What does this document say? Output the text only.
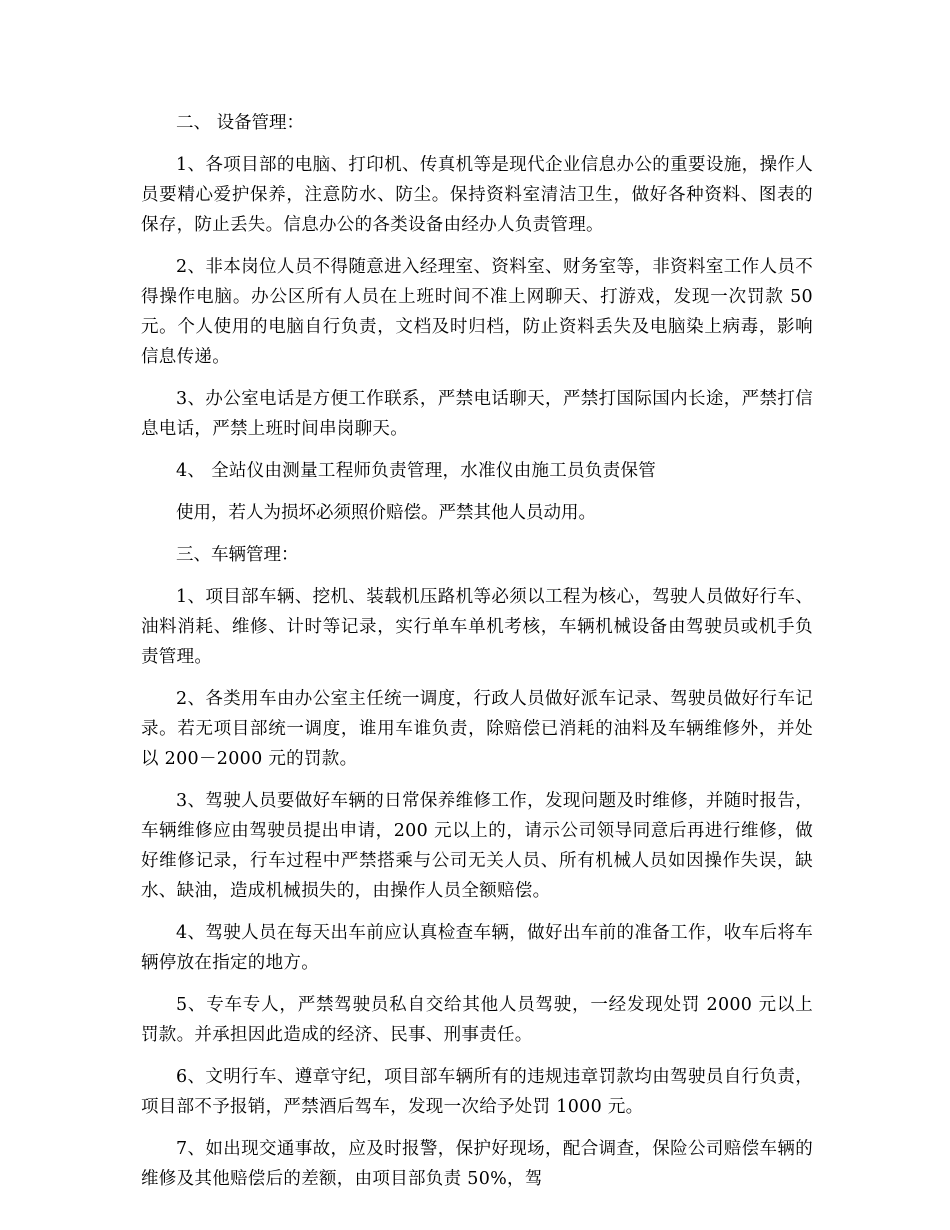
二、 设备管理：

1、各项目部的电脑、打印机、传真机等是现代企业信息办公的重要设施，操作人员要精心爱护保养，注意防水、防尘。保持资料室清洁卫生，做好各种资料、图表的保存，防止丢失。信息办公的各类设备由经办人负责管理。

2、非本岗位人员不得随意进入经理室、资料室、财务室等，非资料室工作人员不得操作电脑。办公区所有人员在上班时间不准上网聊天、打游戏，发现一次罚款 50 元。个人使用的电脑自行负责，文档及时归档，防止资料丢失及电脑染上病毒，影响信息传递。

3、办公室电话是方便工作联系，严禁电话聊天，严禁打国际国内长途，严禁打信息电话，严禁上班时间串岗聊天。

4、 全站仪由测量工程师负责管理，水准仪由施工员负责保管

使用，若人为损坏必须照价赔偿。严禁其他人员动用。

三、车辆管理：

1、项目部车辆、挖机、装载机压路机等必须以工程为核心，驾驶人员做好行车、油料消耗、维修、计时等记录，实行单车单机考核，车辆机械设备由驾驶员或机手负责管理。

2、各类用车由办公室主任统一调度，行政人员做好派车记录、驾驶员做好行车记录。若无项目部统一调度，谁用车谁负责，除赔偿已消耗的油料及车辆维修外，并处以 200－2000 元的罚款。

3、驾驶人员要做好车辆的日常保养维修工作，发现问题及时维修，并随时报告，车辆维修应由驾驶员提出申请，200 元以上的，请示公司领导同意后再进行维修，做好维修记录，行车过程中严禁搭乘与公司无关人员、所有机械人员如因操作失误，缺水、缺油，造成机械损失的，由操作人员全额赔偿。

4、驾驶人员在每天出车前应认真检查车辆，做好出车前的准备工作，收车后将车辆停放在指定的地方。

5、专车专人，严禁驾驶员私自交给其他人员驾驶，一经发现处罚 2000 元以上罚款。并承担因此造成的经济、民事、刑事责任。

6、文明行车、遵章守纪，项目部车辆所有的违规违章罚款均由驾驶员自行负责，项目部不予报销，严禁酒后驾车，发现一次给予处罚 1000 元。

7、如出现交通事故，应及时报警，保护好现场，配合调查，保险公司赔偿车辆的维修及其他赔偿后的差额，由项目部负责 50%，驾
